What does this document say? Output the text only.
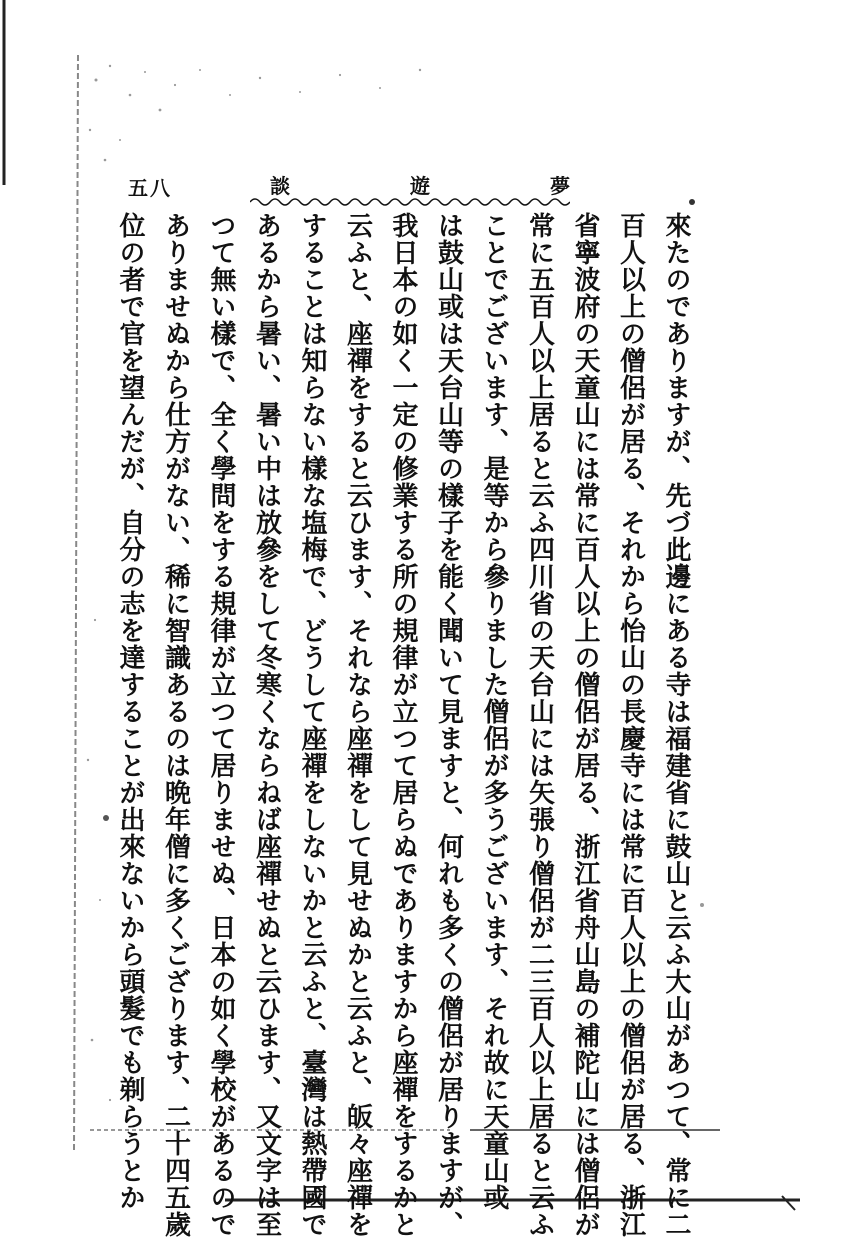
五八	夢
遊
談
來たのでありますが、先づ此邊にある寺は福建省に鼓山と云ふ大山があつて、常に二
百人以上の僧侶が居る、それから怡山の長慶寺には常に百人以上の僧侶が居る、浙江
省寧波府の天童山には常に百人以上の僧侶が居る、浙江省舟山島の補陀山には僧侶が
常に五百人以上居ると云ふ四川省の天台山には矢張り僧侶が二三百人以上居ると云ふ
ことでございます、是等から參りました僧侶が多うございます、それ故に天童山或
は鼓山或は天台山等の樣子を能く聞いて見ますと、何れも多くの僧侶が居りますが、
我日本の如く一定の修業する所の規律が立つて居らぬでありますから座禪をするかと
云ふと、座禪をすると云ひます、それなら座禪をして見せぬかと云ふと、皈々座禪を
することは知らない樣な塩梅で、どうして座禪をしないかと云ふと、臺灣は熱帶國で
あるから暑い、暑い中は放參をして冬寒くならねば座禪せぬと云ひます、又文字は至
つて無い樣で、全く學問をする規律が立つて居りませぬ、日本の如く學校があるので
ありませぬから仕方がない、稀に智識あるのは晩年僧に多くござります、二十四五歲
位の者で官を望んだが、自分の志を達することが出來ないから頭髮でも剃らうとか
